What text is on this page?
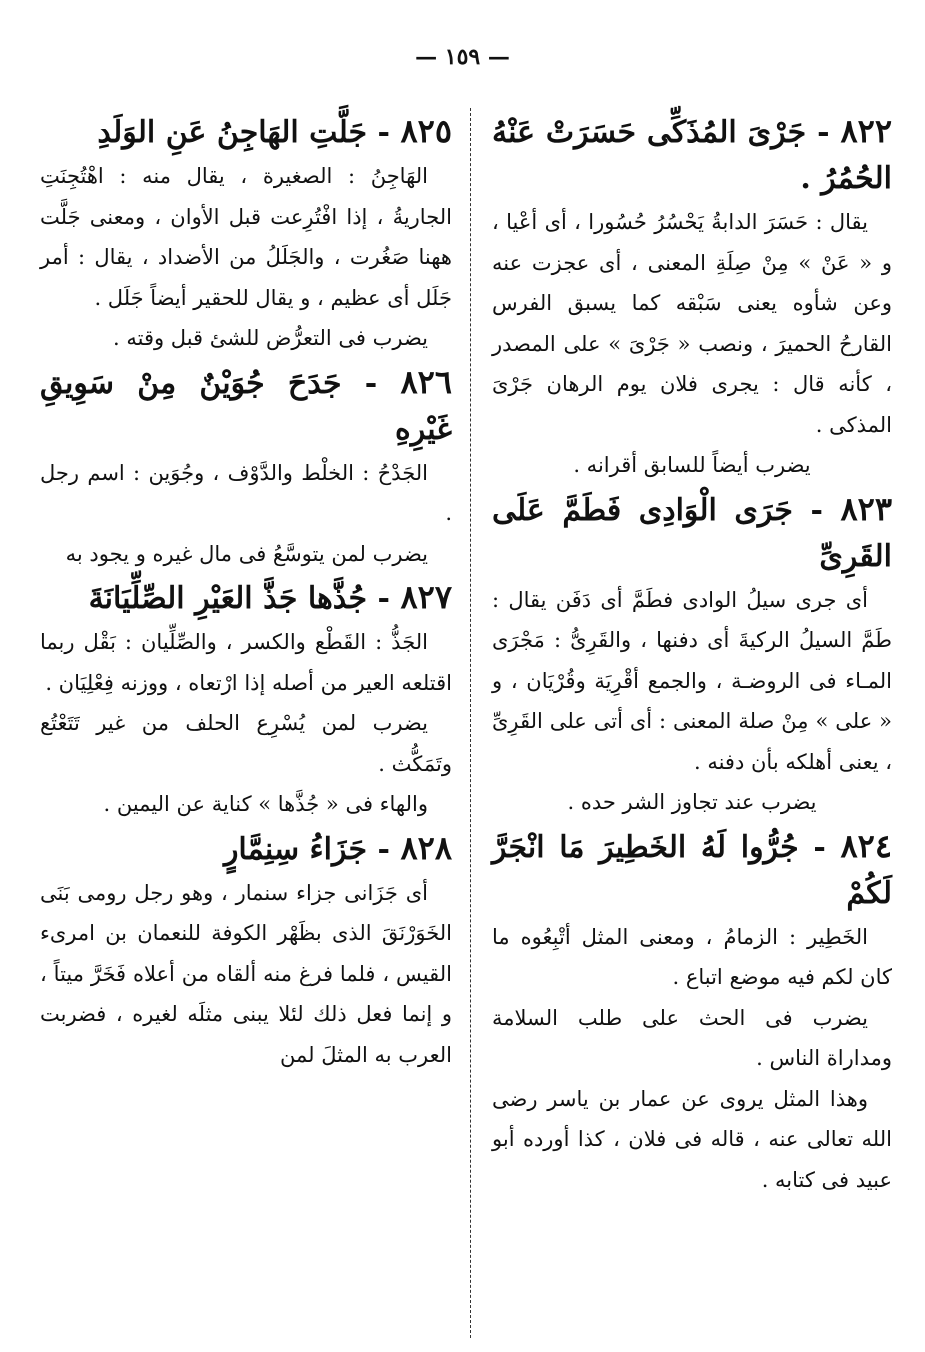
— ١٥٩ —

٨٢٢ - جَرْىَ المُذَكِّى حَسَرَتْ عَنْهُ الحُمُرُ .

يقال : حَسَرَ الدابةُ يَحْسُرُ حُسُورا ، أى أعْيا ، و « عَنْ » مِنْ صِلَةِ المعنى ، أى عجزت عنه وعن شأوه يعنى سَبْقه كما يسبق الفرس القارحُ الحميرَ ، ونصب « جَرْىَ » على المصدر ، كأنه قال : يجرى فلان يوم الرهان جَرْىَ المذكى .

يضرب أيضاً للسابق أقرانه .

٨٢٣ - جَرَى الْوَادِى فَطَمَّ عَلَى القَرِىِّ

أى جرى سيلُ الوادى فطَمَّ أى دَفَن يقال : طَمَّ السيلُ الركيةَ أى دفنها ، والقَرِىُّ : مَجْرَى المـاء فى الروضـة ، والجمع أقْرِيَة وقُرْيَان ، و « على » مِنْ صلة المعنى : أى أتى على القَرِىِّ ، يعنى أهلكه بأن دفنه .

يضرب عند تجاوز الشر حده .

٨٢٤ - جُرُّوا لَهُ الخَطِيرَ مَا انْجَرَّ لَكُمْ

الخَطِير : الزمامُ ، ومعنى المثل أتْبِعُوه ما كان لكم فيه موضع اتباع .

يضرب فى الحث على طلب السلامة ومداراة الناس .

وهذا المثل يروى عن عمار بن ياسر رضى الله تعالى عنه ، قاله فى فلان ، كذا أورده أبو عبيد فى كتابه .

٨٢٥ - جَلَّتِ الهَاجِنُ عَنِ الوَلَدِ

الهَاجِنُ : الصغيرة ، يقال منه : اهْتُجِنَتِ الجاريةُ ، إذا افْتُرِعت قبل الأوان ، ومعنى جَلَّت ههنا صَغُرت ، والجَلَلُ من الأضداد ، يقال : أمر جَلَل أى عظيم ، و يقال للحقير أيضاً جَلَل .

يضرب فى التعرُّض للشئ قبل وقته .

٨٢٦ - جَدَحَ جُوَيْنٌ مِنْ سَوِيقِ غَيْرِهِ

الجَدْحُ : الخلْط والدَّوْف ، وجُوَين : اسم رجل .

يضرب لمن يتوسَّعُ فى مال غيره و يجود به

٨٢٧ - جُذَّها جَذَّ العَيْرِ الصِّلِّيَانَةَ

الجَذُّ : القَطْع والكسر ، والصِّلِّيان : بَقْل ربما اقتلعه العير من أصله إذا ارْتعاه ، ووزنه فِعْلِيَان .

يضرب لمن يُسْرِع الحلف من غير تَتَعْتُع وتَمَكُّث .

والهاء فى « جُذَّها » كناية عن اليمين .

٨٢٨ - جَزَاءُ سِنِمَّارٍ

أى جَزَانى جزاء سنمار ، وهو رجل رومى بَنَى الخَوَرْنَقَ الذى بظَهْر الكوفة للنعمان بن امرىء القيس ، فلما فرغ منه ألقاه من أعلاه فَخَرَّ ميتاً ، و إنما فعل ذلك لئلا يبنى مثلَه لغيره ، فضربت العرب به المثلَ لمن
